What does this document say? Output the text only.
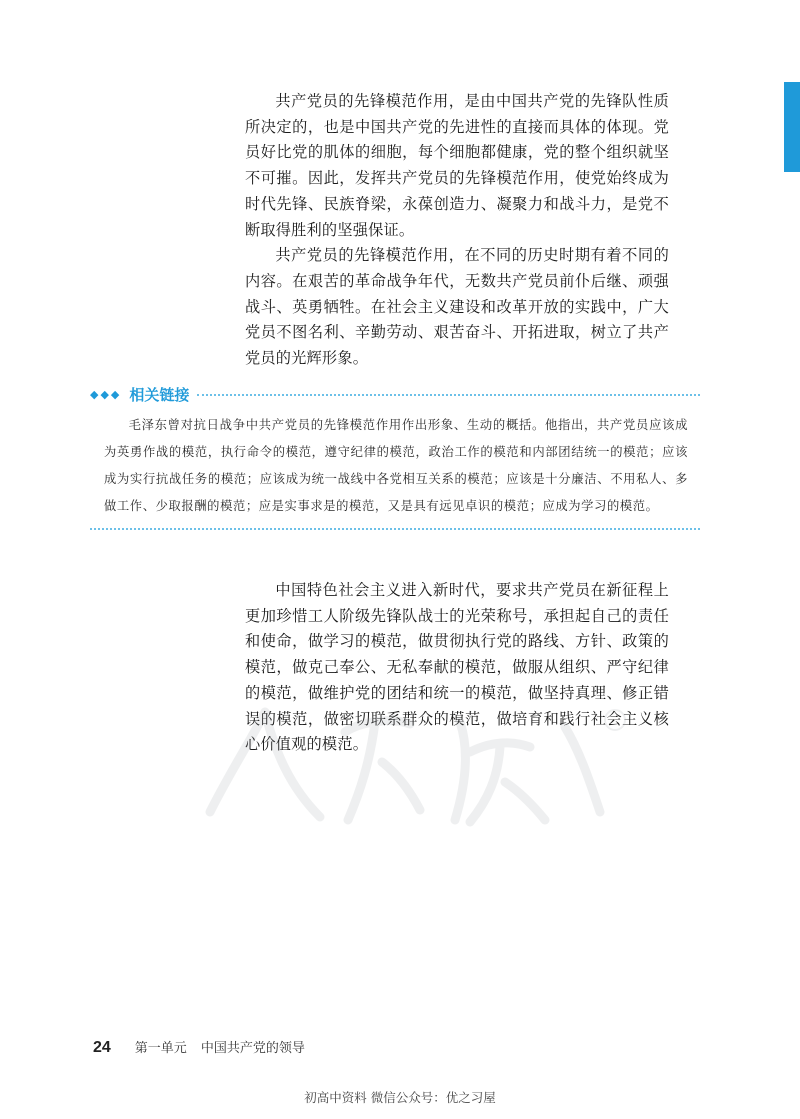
共产党员的先锋模范作用，是由中国共产党的先锋队性质所决定的，也是中国共产党的先进性的直接而具体的体现。党员好比党的肌体的细胞，每个细胞都健康，党的整个组织就坚不可摧。因此，发挥共产党员的先锋模范作用，使党始终成为时代先锋、民族脊梁，永葆创造力、凝聚力和战斗力，是党不断取得胜利的坚强保证。

共产党员的先锋模范作用，在不同的历史时期有着不同的内容。在艰苦的革命战争年代，无数共产党员前仆后继、顽强战斗、英勇牺牲。在社会主义建设和改革开放的实践中，广大党员不图名利、辛勤劳动、艰苦奋斗、开拓进取，树立了共产党员的光辉形象。

◆◆◆ 相关链接

毛泽东曾对抗日战争中共产党员的先锋模范作用作出形象、生动的概括。他指出，共产党员应该成为英勇作战的模范，执行命令的模范，遵守纪律的模范，政治工作的模范和内部团结统一的模范；应该成为实行抗战任务的模范；应该成为统一战线中各党相互关系的模范；应该是十分廉洁、不用私人、多做工作、少取报酬的模范；应是实事求是的模范，又是具有远见卓识的模范；应成为学习的模范。

中国特色社会主义进入新时代，要求共产党员在新征程上更加珍惜工人阶级先锋队战士的光荣称号，承担起自己的责任和使命，做学习的模范，做贯彻执行党的路线、方针、政策的模范，做克己奉公、无私奉献的模范，做服从组织、严守纪律的模范，做维护党的团结和统一的模范，做坚持真理、修正错误的模范，做密切联系群众的模范，做培育和践行社会主义核心价值观的模范。

24 第一单元 中国共产党的领导
初高中资料 微信公众号：优之习屋
